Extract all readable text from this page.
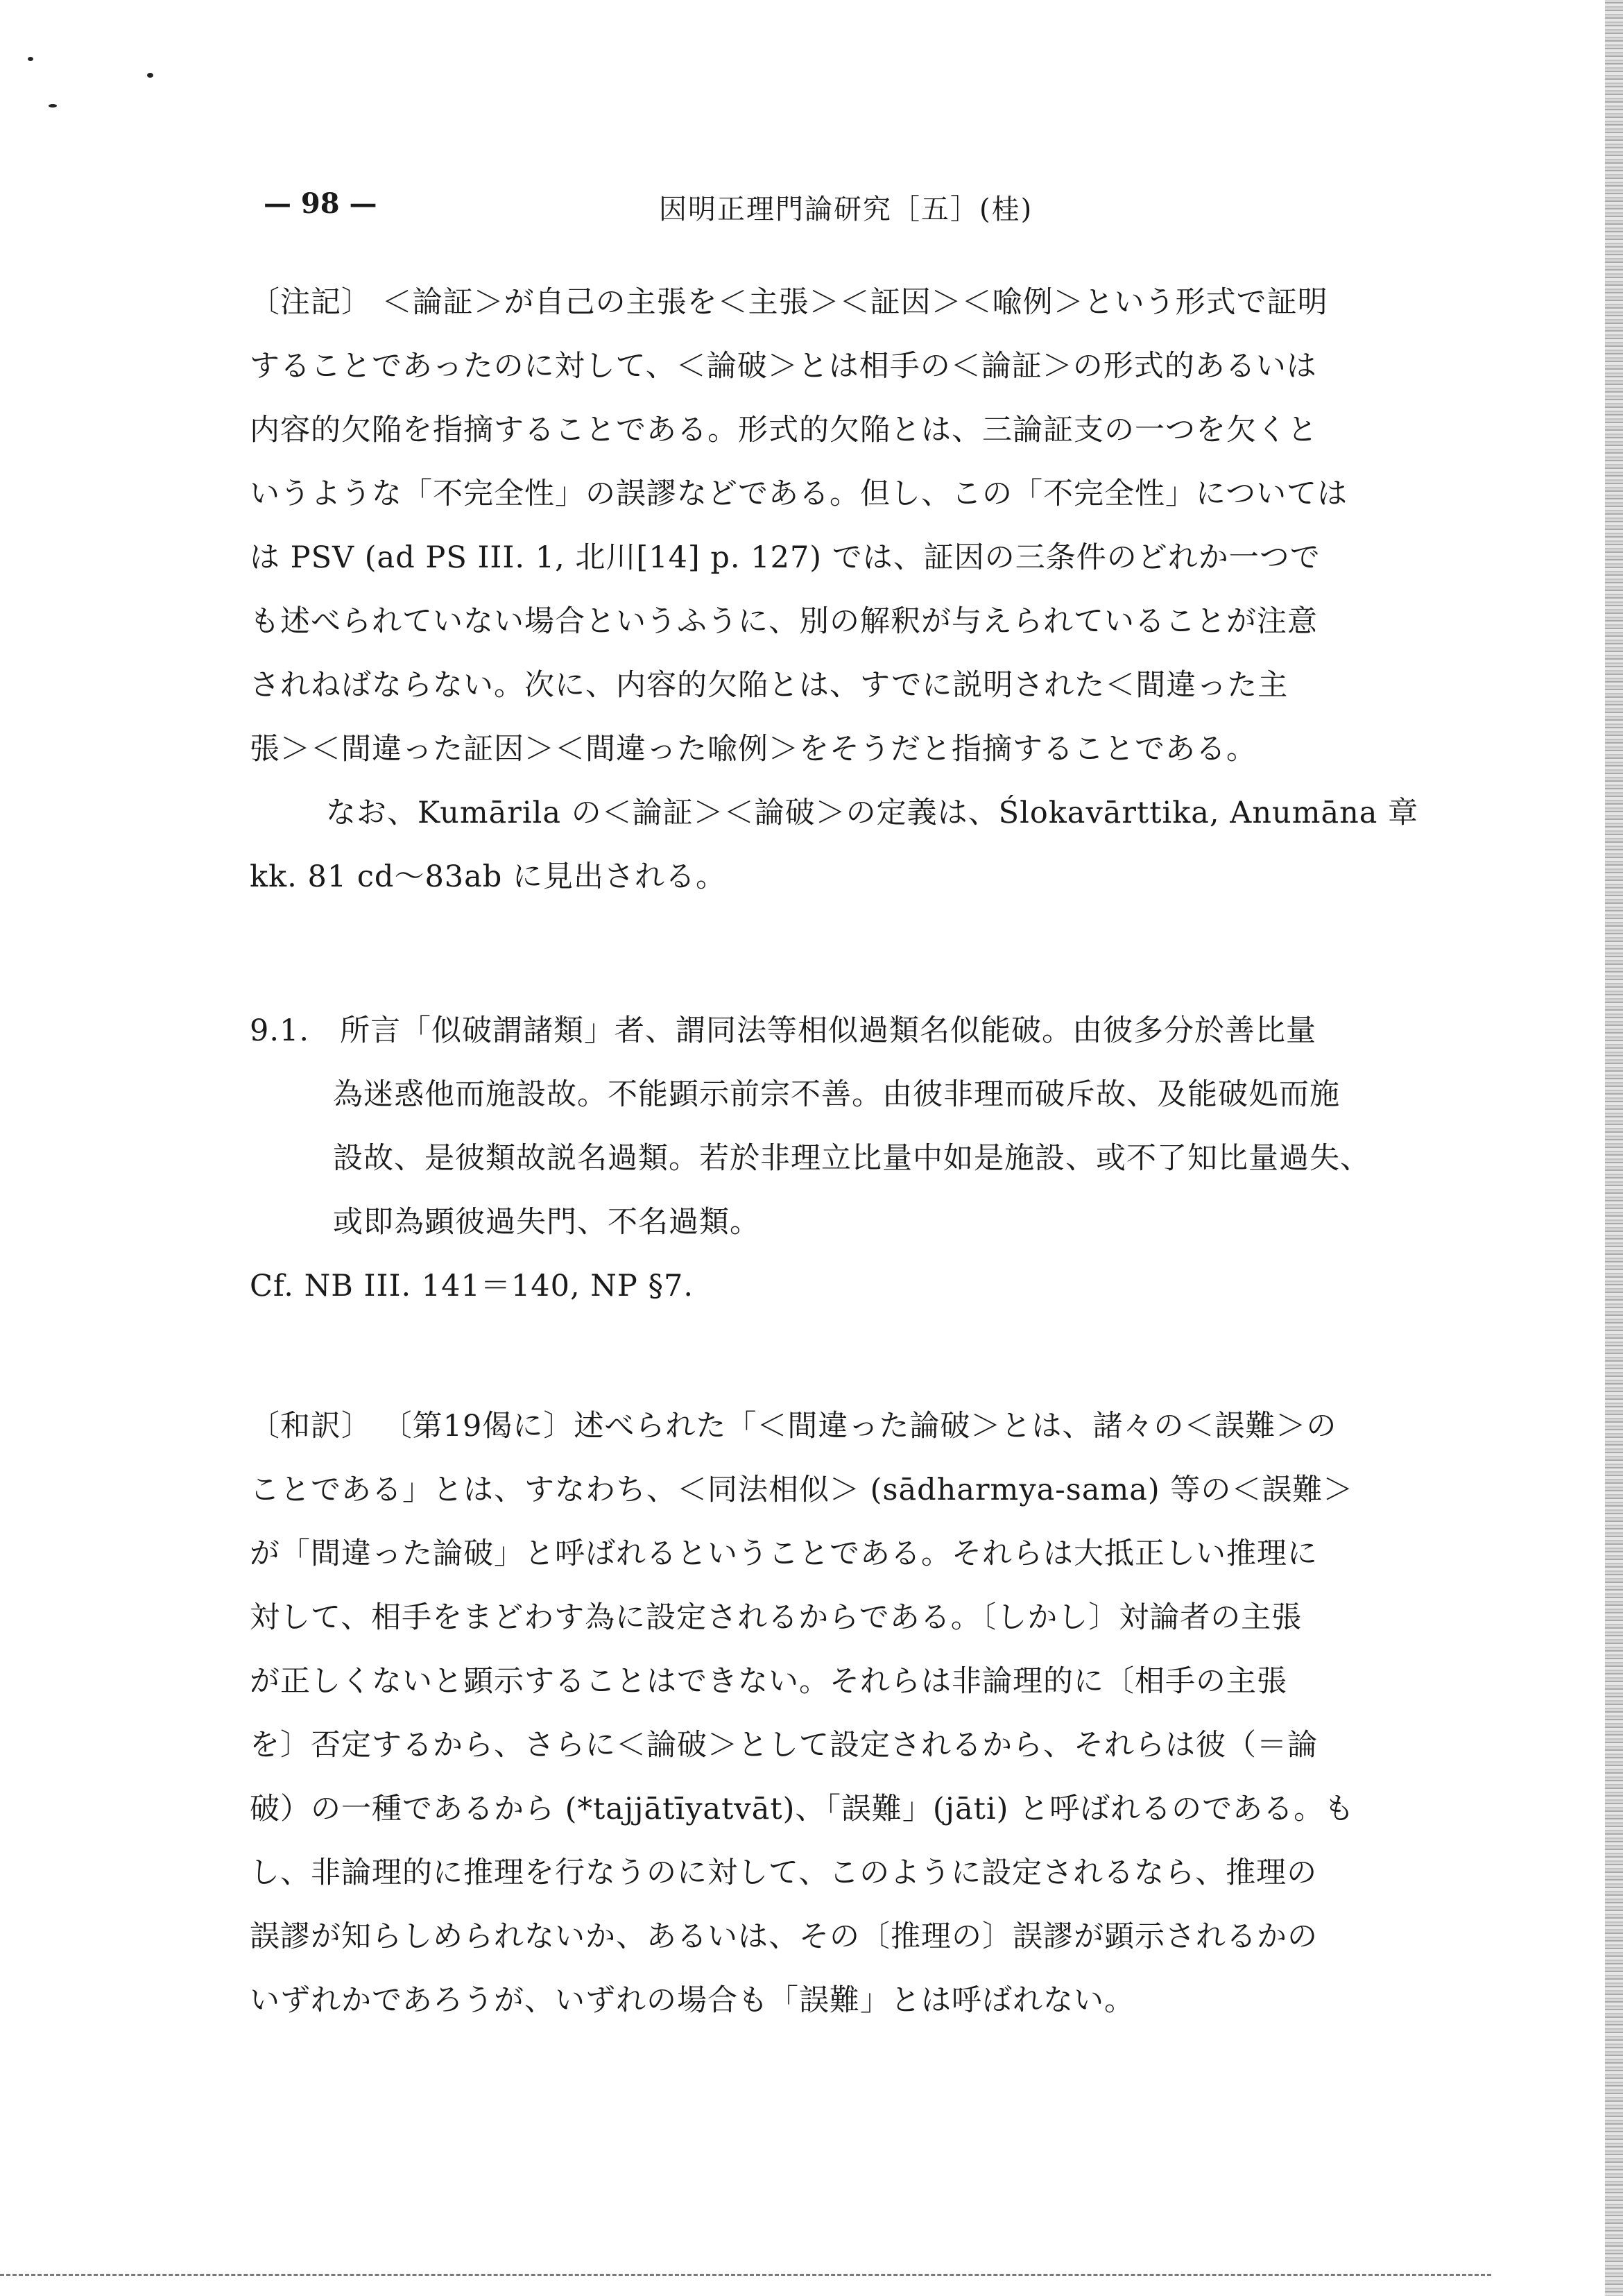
— 98 —	因明正理門論研究［五］(桂)
〔注記〕 ＜論証＞が自己の主張を＜主張＞＜証因＞＜喩例＞という形式で証明
することであったのに対して、＜論破＞とは相手の＜論証＞の形式的あるいは
内容的欠陥を指摘することである。形式的欠陥とは、三論証支の一つを欠くと
いうような「不完全性」の誤謬などである。但し、この「不完全性」については
は PSV (ad PS III. 1, 北川[14] p. 127) では、証因の三条件のどれか一つで
も述べられていない場合というふうに、別の解釈が与えられていることが注意
されねばならない。次に、内容的欠陥とは、すでに説明された＜間違った主
張＞＜間違った証因＞＜間違った喩例＞をそうだと指摘することである。
なお、Kumārila の＜論証＞＜論破＞の定義は、Ślokavārttika, Anumāna 章
kk. 81 cd～83ab に見出される。
9.1.　所言「似破謂諸類」者、謂同法等相似過類名似能破。由彼多分於善比量
為迷惑他而施設故。不能顕示前宗不善。由彼非理而破斥故、及能破処而施
設故、是彼類故説名過類。若於非理立比量中如是施設、或不了知比量過失、
或即為顕彼過失門、不名過類。
Cf. NB III. 141＝140, NP §7.
〔和訳〕 〔第19偈に〕述べられた「＜間違った論破＞とは、諸々の＜誤難＞の
ことである」とは、すなわち、＜同法相似＞ (sādharmya-sama) 等の＜誤難＞
が「間違った論破」と呼ばれるということである。それらは大抵正しい推理に
対して、相手をまどわす為に設定されるからである。〔しかし〕対論者の主張
が正しくないと顕示することはできない。それらは非論理的に〔相手の主張
を〕否定するから、さらに＜論破＞として設定されるから、それらは彼（＝論
破）の一種であるから (*tajjātīyatvāt)、「誤難」(jāti) と呼ばれるのである。も
し、非論理的に推理を行なうのに対して、このように設定されるなら、推理の
誤謬が知らしめられないか、あるいは、その〔推理の〕誤謬が顕示されるかの
いずれかであろうが、いずれの場合も「誤難」とは呼ばれない。
